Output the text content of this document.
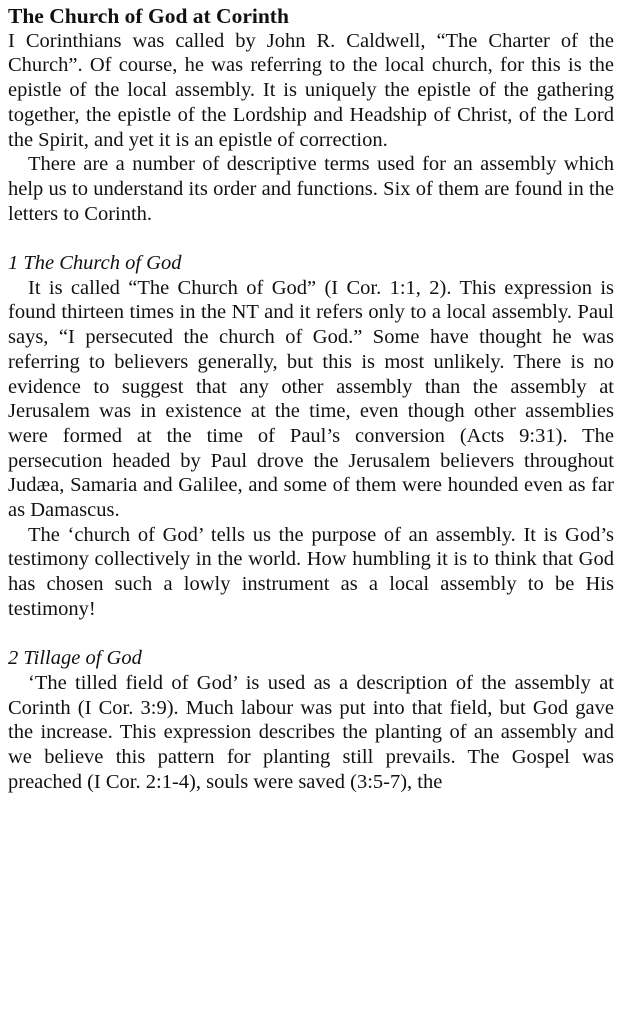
The Church of God at Corinth

I Corinthians was called by John R. Caldwell, “The Charter of the Church”. Of course, he was referring to the local church, for this is the epistle of the local assembly. It is uniquely the epistle of the gathering together, the epistle of the Lordship and Headship of Christ, of the Lord the Spirit, and yet it is an epistle of correction.

There are a number of descriptive terms used for an assembly which help us to understand its order and functions. Six of them are found in the letters to Corinth.

1 The Church of God

It is called “The Church of God” (I Cor. 1:1, 2). This expression is found thirteen times in the NT and it refers only to a local assembly. Paul says, “I persecuted the church of God.” Some have thought he was referring to believers generally, but this is most unlikely. There is no evidence to suggest that any other assembly than the assembly at Jerusalem was in existence at the time, even though other assemblies were formed at the time of Paul’s conversion (Acts 9:31). The persecution headed by Paul drove the Jerusalem believers throughout Judæa, Samaria and Galilee, and some of them were hounded even as far as Damascus.

The ‘church of God’ tells us the purpose of an assembly. It is God’s testimony collectively in the world. How humbling it is to think that God has chosen such a lowly instrument as a local assembly to be His testimony!

2 Tillage of God

‘The tilled field of God’ is used as a description of the assembly at Corinth (I Cor. 3:9). Much labour was put into that field, but God gave the increase. This expression describes the planting of an assembly and we believe this pattern for planting still prevails. The Gospel was preached (I Cor. 2:1-4), souls were saved (3:5-7), the
